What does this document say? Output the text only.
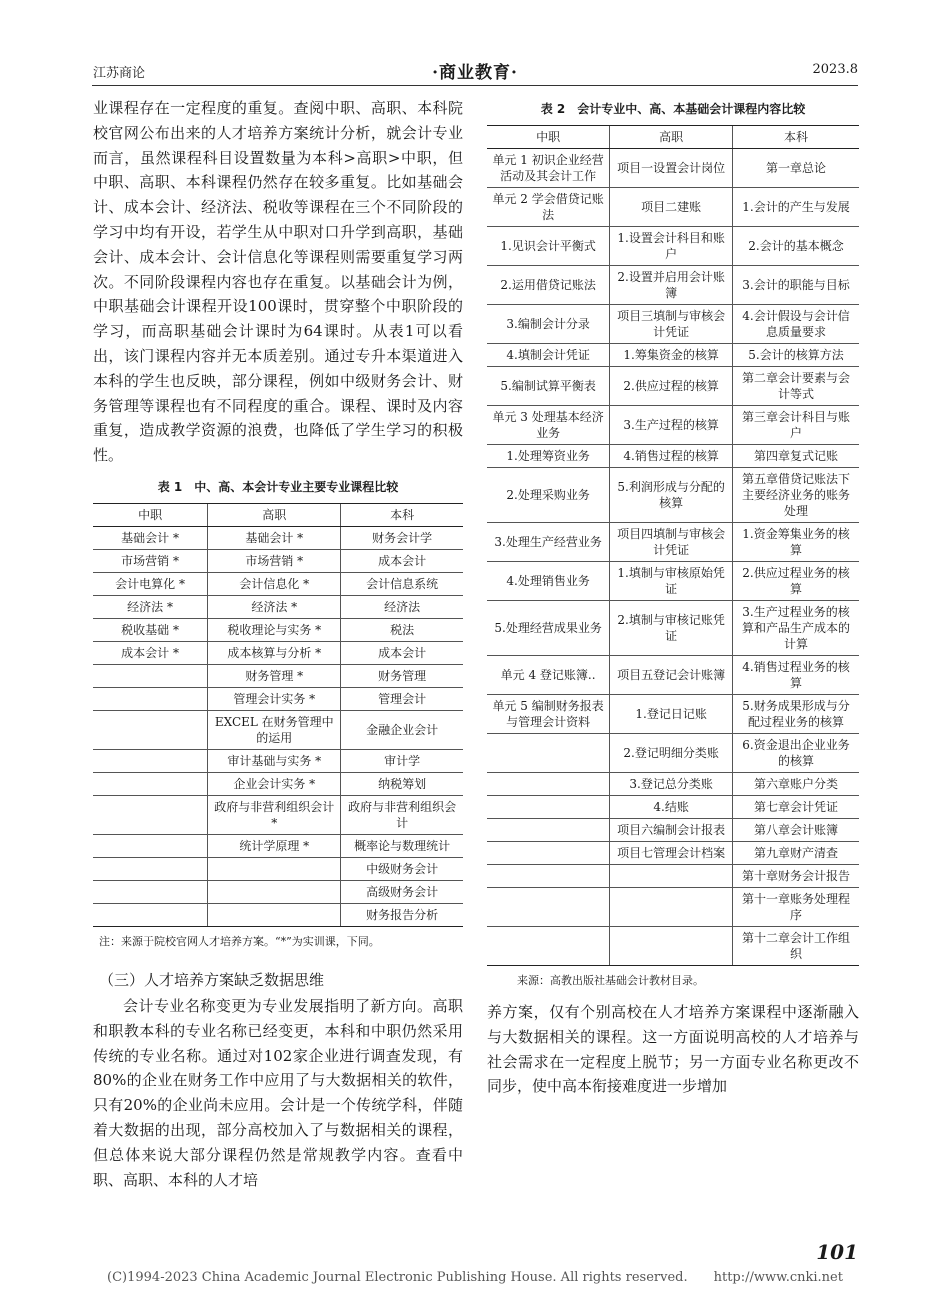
江苏商论	·商业教育·	2023.8

业课程存在一定程度的重复。查阅中职、高职、本科院校官网公布出来的人才培养方案统计分析，就会计专业而言，虽然课程科目设置数量为本科>高职>中职，但中职、高职、本科课程仍然存在较多重复。比如基础会计、成本会计、经济法、税收等课程在三个不同阶段的学习中均有开设，若学生从中职对口升学到高职，基础会计、成本会计、会计信息化等课程则需要重复学习两次。不同阶段课程内容也存在重复。以基础会计为例，中职基础会计课程开设100课时，贯穿整个中职阶段的学习，而高职基础会计课时为64课时。从表1可以看出，该门课程内容并无本质差别。通过专升本渠道进入本科的学生也反映，部分课程，例如中级财务会计、财务管理等课程也有不同程度的重合。课程、课时及内容重复，造成教学资源的浪费，也降低了学生学习的积极性。

表 1　中、高、本会计专业主要专业课程比较
中职	高职	本科
基础会计 *	基础会计 *	财务会计学
市场营销 *	市场营销 *	成本会计
会计电算化 *	会计信息化 *	会计信息系统
经济法 *	经济法 *	经济法
税收基础 *	税收理论与实务 *	税法
成本会计 *	成本核算与分析 *	成本会计
	财务管理 *	财务管理
	管理会计实务 *	管理会计
	EXCEL 在财务管理中的运用	金融企业会计
	审计基础与实务 *	审计学
	企业会计实务 *	纳税筹划
	政府与非营利组织会计 *	政府与非营利组织会计
	统计学原理 *	概率论与数理统计
		中级财务会计
		高级财务会计
		财务报告分析
注：来源于院校官网人才培养方案。“*”为实训课，下同。
（三）人才培养方案缺乏数据思维

会计专业名称变更为专业发展指明了新方向。高职和职教本科的专业名称已经变更，本科和中职仍然采用传统的专业名称。通过对102家企业进行调查发现，有80%的企业在财务工作中应用了与大数据相关的软件，只有20%的企业尚未应用。会计是一个传统学科，伴随着大数据的出现，部分高校加入了与数据相关的课程，但总体来说大部分课程仍然是常规教学内容。查看中职、高职、本科的人才培

表 2　会计专业中、高、本基础会计课程内容比较
中职	高职	本科
单元 1 初识企业经营活动及其会计工作	项目一设置会计岗位	第一章总论
单元 2 学会借贷记账法	项目二建账	1.会计的产生与发展
1.见识会计平衡式	1.设置会计科目和账户	2.会计的基本概念
2.运用借贷记账法	2.设置并启用会计账簿	3.会计的职能与目标
3.编制会计分录	项目三填制与审核会计凭证	4.会计假设与会计信息质量要求
4.填制会计凭证	1.筹集资金的核算	5.会计的核算方法
5.编制试算平衡表	2.供应过程的核算	第二章会计要素与会计等式
单元 3 处理基本经济业务	3.生产过程的核算	第三章会计科目与账户
1.处理筹资业务	4.销售过程的核算	第四章复式记账
2.处理采购业务	5.利润形成与分配的核算	第五章借贷记账法下主要经济业务的账务处理
3.处理生产经营业务	项目四填制与审核会计凭证	1.资金筹集业务的核算
4.处理销售业务	1.填制与审核原始凭证	2.供应过程业务的核算
5.处理经营成果业务	2.填制与审核记账凭证	3.生产过程业务的核算和产品生产成本的计算
单元 4 登记账簿..	项目五登记会计账簿	4.销售过程业务的核算
单元 5 编制财务报表与管理会计资料	1.登记日记账	5.财务成果形成与分配过程业务的核算
	2.登记明细分类账	6.资金退出企业业务的核算
	3.登记总分类账	第六章账户分类
	4.结账	第七章会计凭证
	项目六编制会计报表	第八章会计账簿
	项目七管理会计档案	第九章财产清查
		第十章财务会计报告
		第十一章账务处理程序
		第十二章会计工作组织
来源：高教出版社基础会计教材目录。

养方案，仅有个别高校在人才培养方案课程中逐渐融入与大数据相关的课程。这一方面说明高校的人才培养与社会需求在一定程度上脱节；另一方面专业名称更改不同步，使中高本衔接难度进一步增加

101
(C)1994-2023 China Academic Journal Electronic Publishing House. All rights reserved.　　http://www.cnki.net
